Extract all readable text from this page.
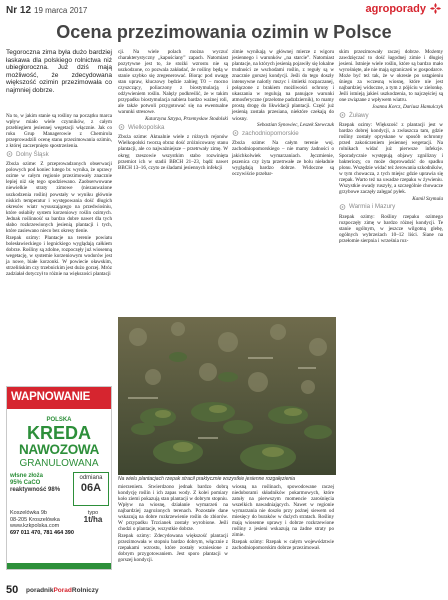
Nr 12 19 marca 2017	agroporady
Ocena przezimowania ozimin w Polsce

Tegoroczna zima była dużo bardziej łaskawa dla polskiego rolnictwa niż ubiegłoroczna. Już dziś mają możliwość, że zdecydowana większość ozimin przezimowała co najmniej dobrze.

Na to, w jakim stanie są rośliny na początku marca wpływ miało wiele czynników, z całym przebiegiem jesiennej wegetacji włącznie. Jak co roku Grup Managerowie z Chemirola przeprowadzili ocenę stanu przezimowania ozimin, z której zaczerpnięto spostrzeżenia.

Dolny Śląsk

Zboża ozime: Z przeprowadzonych obserwacji polowych pod koniec lutego br. wynika, że uprawy ozime w całym regionie przezimowały znacznie lepiej niż się tego spodziewano. Zaobserwowane niewielkie straty zimowe (niezauważone uszkodzenia roślin) powstały w wyniku głównie niskich temperatur i występowania dość długich okresów wiatr wysuszającego na przedwiośniu, które osłabiły system korzeniowy roślin ozimych. Jednak roślinność sa bardzo dobre nawet dla tych słabo rozkrzewionych jesienią plantacji i tych, które zasiewano nieco bez okresy tlenie.

Rzepak ozimy: Plantacje na terenie powiatu bolesławieckiego i legnickiego wyglądają całkiem dobrze. Rośliny są zdolne, rozpoczęły już wiosenną wegetację, w systemie korzeniowym wodorów jest ja nowe, białe korzonki. W powiecie oławskim, strzelińskim czy trzebnickim jest dużo gorzej. Mróz zadziałał dotyczył to różnie na większości plantacji

WAPNOWANIE
POLSKA
KREDA
NAWOZOWA
GRANULOWANA
włsne złoża
95% CaCO
reaktywność 98%
odmiana
06A
Koszelówka 9b
08-205 Kroszelówka
www.kzkpolska.com
697 011 470, 781 464 390
typo
1t/ha

cji. Na wiele polach można wyczuć charakterystyczny „kapuściany” zapach. Natomiast pozytywne jest to, że stożki wzrostu nie są uszkodzone, co pozwala zakładać, że rośliny będą w stanie szybko się zregenerować. Biorąc pod uwagę stan upraw, kluczowy będzie zabieg T0 – mocno czyszczący, poliaczony z biostymulacją i odżywieniem roślin. Nalęży podkreślić, że w takim przypadku biostymulacja nabiera bardzo ważnej roli, ale także potwoli przygotować się na ewentualne warunki stresowe.

Katarzyna Sztypa, Przemysław Stodolski

Wielkopolska

Zboża ozime: Aktualnie wiele z różnych rejonów Wielkopolski tworzą obraz dość zróżnicowany stanu plantacji, ale co najważniejsze – przetrwały zimę. W okręg rzeszowie wszystkim stabo rozwinięta przemiot ich w stadii BBCH 21–23, bądź nawet BBCH 13–16, czyto ze śladami jesiennych infekcji

zimie wynikają w głównej mierze z wigoru jesiennego i warunków „na starcie”. Natomiast plantacje, na których jesienią pojawiły się lokalne trudności ze wschodami roślin, z reguły są w znacznie gorszej kondycji. Jeśli do tego doszły intensywne nalotly mszyc i śmietki rozpaczanej, połączone z brakiem możliwości ochrony i ukaszania w regulują na panujące warunki atmosferyczne (przelotne padzdziernik), to mamy prostą drogę do likwidacji plantacji. Część już jesienią została przesiana, niektóre czekają do wiosny.

Sebastian Synowiec, Leszek Szewczuk

zachodniopomorskie

Zboża ozime: Na całym terenie woj. zachodniopomorskiego – nie mamy żadności o jakichkolwiek wymarzaniach. Jęczmienie, pszenica czy żyta przetrwałe ze bolu nieładnie wyglądają bardzo dobrze. Widoczne są oczywiście przebar-

Na wielu plantacjach rzepak stracił praktycznie wszystkie jesienne rozgałęzienia

mierzeniem. Stwierdzono jednak bardzo dobrą kondycję roślin i ich zapas wody. Z kolei pomiary koło ziemi pokazują stan plantacji w dobrym stopniu. Wpływ na wiosnę, działanie wymarzeń na najbardziej zagrożonych terenach. Pozostałe dane wskazują na dobre rozkrzewienie roślin do zbiorów. W przypadku Trzcianek zostały wyrobione. Jeśli chodzi o plantacje, wszystkie dobrze.

Rzepak ozimy: Zdecydowana większość plantacji przezimowała w stopniu bardzo dobrym, włącznie z rzepakami wzrostu, które zostały wzniesione z dobrym przygotowaniem. Jest sporo plantacji w gorszej kondycji.

wiosną na roślinach, spowodowane raczej niedoborami składników pokarmowych, które zatuły na pierwszym momencie zarośnięcia wszelkich nawadniających. Nawet w regionie wymarzania nie doszło przy pożnej siewem od miesięcy do buraków w dużych stratach. Rośliny mają wiosenne uprawy i dobrze rozkrzewione rośliny z jesieni wskazują na żadne straty po zimie.

Rzepak ozimy: Rzepak w całym województwie zachodniopomorskim dobrze przezimował.

skim przezimowały raczej dobrze. Możemy zawdzięczać to dość łagodnej zimie i długiej jesieni. Istnieje wiele roślin, które są bardzo mało wyrośnięte, ale nie mają ograniczeń w gospodarce. Może być też tak, że w okresie po ustąpieniu śniegu za wczesną wiosnę, które nie jest najbardziej widoczne, a tym z pójściu w zielonkę. Jeśli istnieją jakieś uszkodzenia, to najczęściej są one związane z wpływem wiatru.

Joanna Korcz, Dariusz Hamulczyk

Żuławy

Rzepak ozimy: Większość z plantacji jest w bardzo dobrej kondycji, a zwłaszcza tam, gdzie rośliny zostały opryskane w sposób ochronny przed zakończeniem jesiennej wegetacji. Na rolnikach widać już pierwsze infekcje. Sporadycznie występują objawy zgnilizny i bakteriozy, co może doprowadzić do spadku plonu. Wszędzie widać też żerowania szkodników, w tym chowacza, z tych miejsc gdzie uprawia się rzepak. Warto też na uwadze rzepaku w żywieniu. Wszystkie owady ruszyły, a szczególnie chowacze grzybowe zaczęły zalęgać pyłek.

Kamil Szymula

Warmia i Mazury

Rzepak ozimy: Rośliny rzepaku ozimego rozpoczęły zimę w bardzo różnej kondycji. Te stanie ogólnym, w jeszcze wilgotną glebę, ogólnych wybrzeżach 10–12 liści. Siane na przełomie sierpnia i września roz-

50 poradnikPoradRolniczy
